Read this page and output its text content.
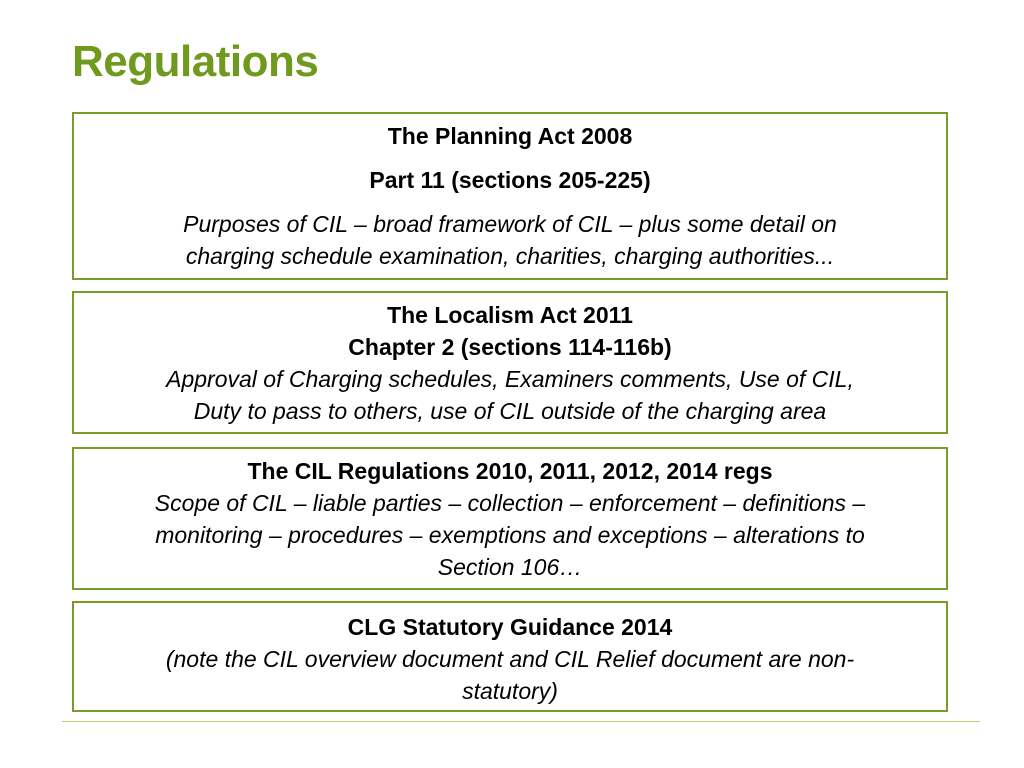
Regulations
The Planning Act 2008
Part 11 (sections 205-225)
Purposes of CIL – broad framework of CIL – plus some detail on
charging schedule examination, charities, charging authorities...
The Localism Act 2011
Chapter 2 (sections 114-116b)
Approval of Charging schedules, Examiners comments, Use of CIL,
Duty to pass to others, use of CIL outside of the charging area
The CIL Regulations 2010, 2011, 2012, 2014 regs
Scope of CIL – liable parties – collection – enforcement – definitions –
monitoring – procedures – exemptions and exceptions – alterations to
Section 106…
CLG Statutory Guidance 2014
(note the CIL overview document and CIL Relief document are non-
statutory)
